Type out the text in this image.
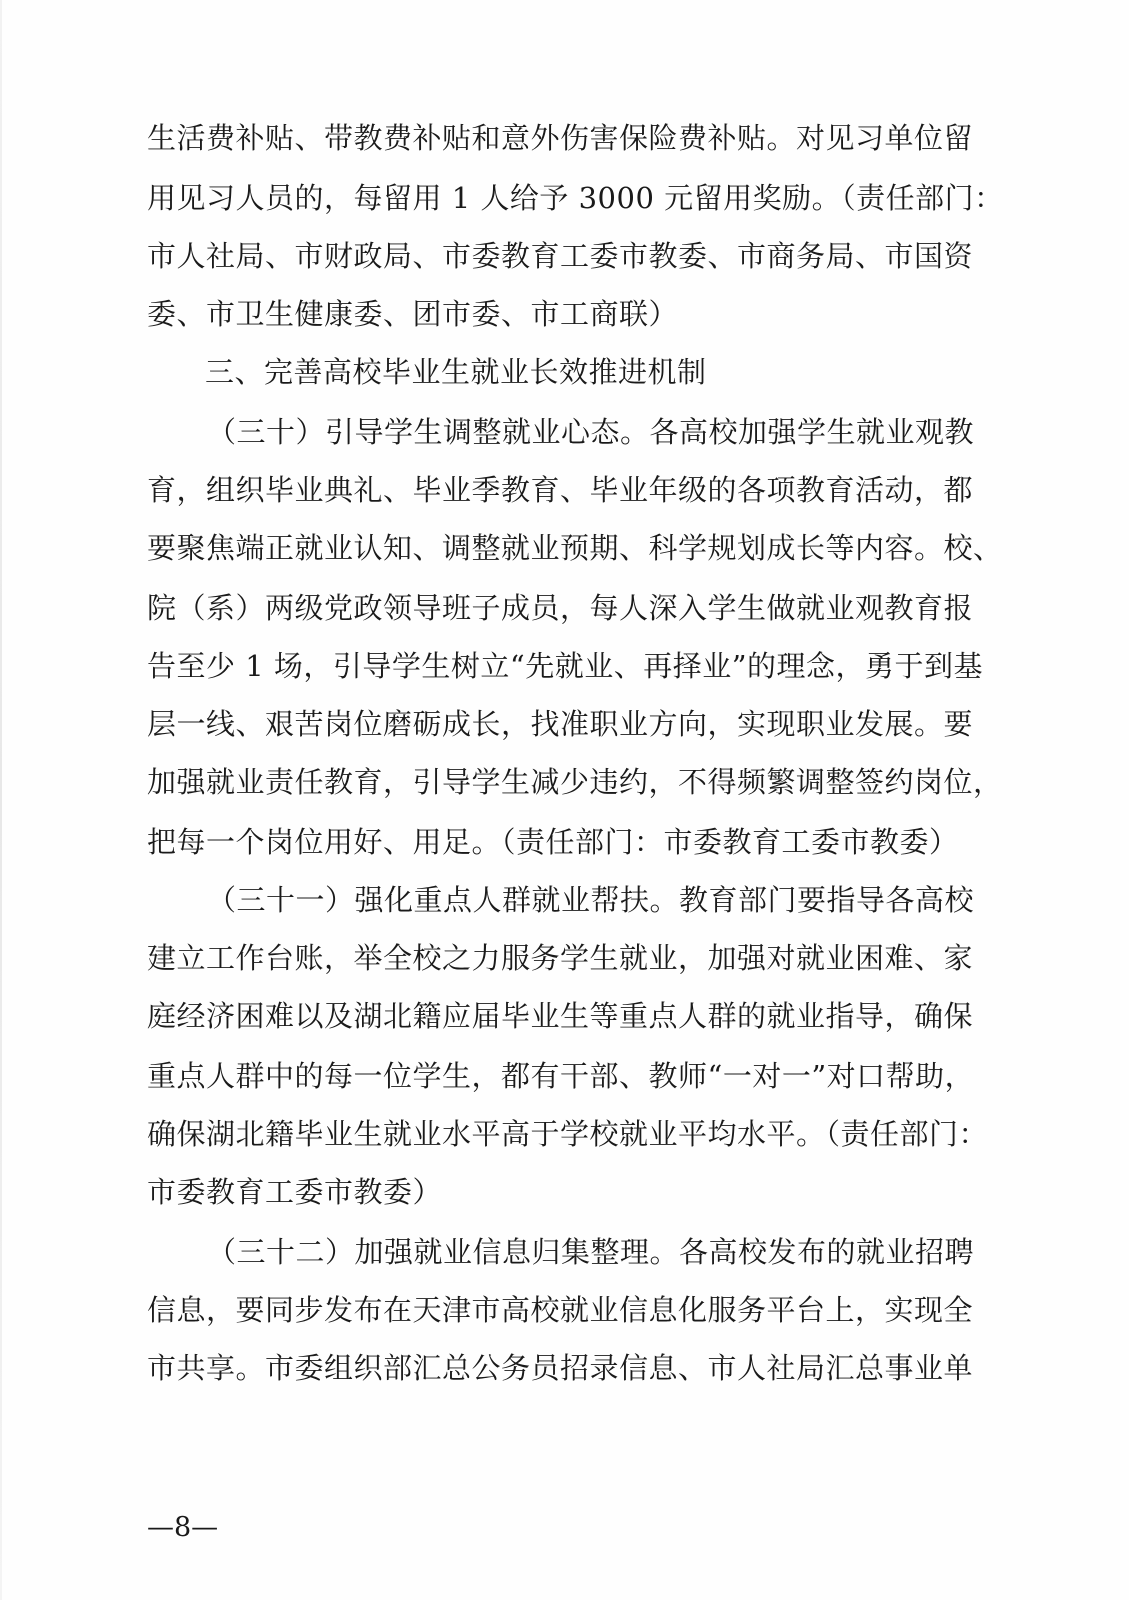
生活费补贴、带教费补贴和意外伤害保险费补贴。对见习单位留
用见习人员的，每留用 1 人给予 3000 元留用奖励。（责任部门：
市人社局、市财政局、市委教育工委市教委、市商务局、市国资
委、市卫生健康委、团市委、市工商联）
三、完善高校毕业生就业长效推进机制
（三十）引导学生调整就业心态。各高校加强学生就业观教
育，组织毕业典礼、毕业季教育、毕业年级的各项教育活动，都
要聚焦端正就业认知、调整就业预期、科学规划成长等内容。校、
院（系）两级党政领导班子成员，每人深入学生做就业观教育报
告至少 1 场，引导学生树立“先就业、再择业”的理念，勇于到基
层一线、艰苦岗位磨砺成长，找准职业方向，实现职业发展。要
加强就业责任教育，引导学生减少违约，不得频繁调整签约岗位，
把每一个岗位用好、用足。（责任部门：市委教育工委市教委）
（三十一）强化重点人群就业帮扶。教育部门要指导各高校
建立工作台账，举全校之力服务学生就业，加强对就业困难、家
庭经济困难以及湖北籍应届毕业生等重点人群的就业指导，确保
重点人群中的每一位学生，都有干部、教师“一对一”对口帮助，
确保湖北籍毕业生就业水平高于学校就业平均水平。（责任部门：
市委教育工委市教委）
（三十二）加强就业信息归集整理。各高校发布的就业招聘
信息，要同步发布在天津市高校就业信息化服务平台上，实现全
市共享。市委组织部汇总公务员招录信息、市人社局汇总事业单
—8—
